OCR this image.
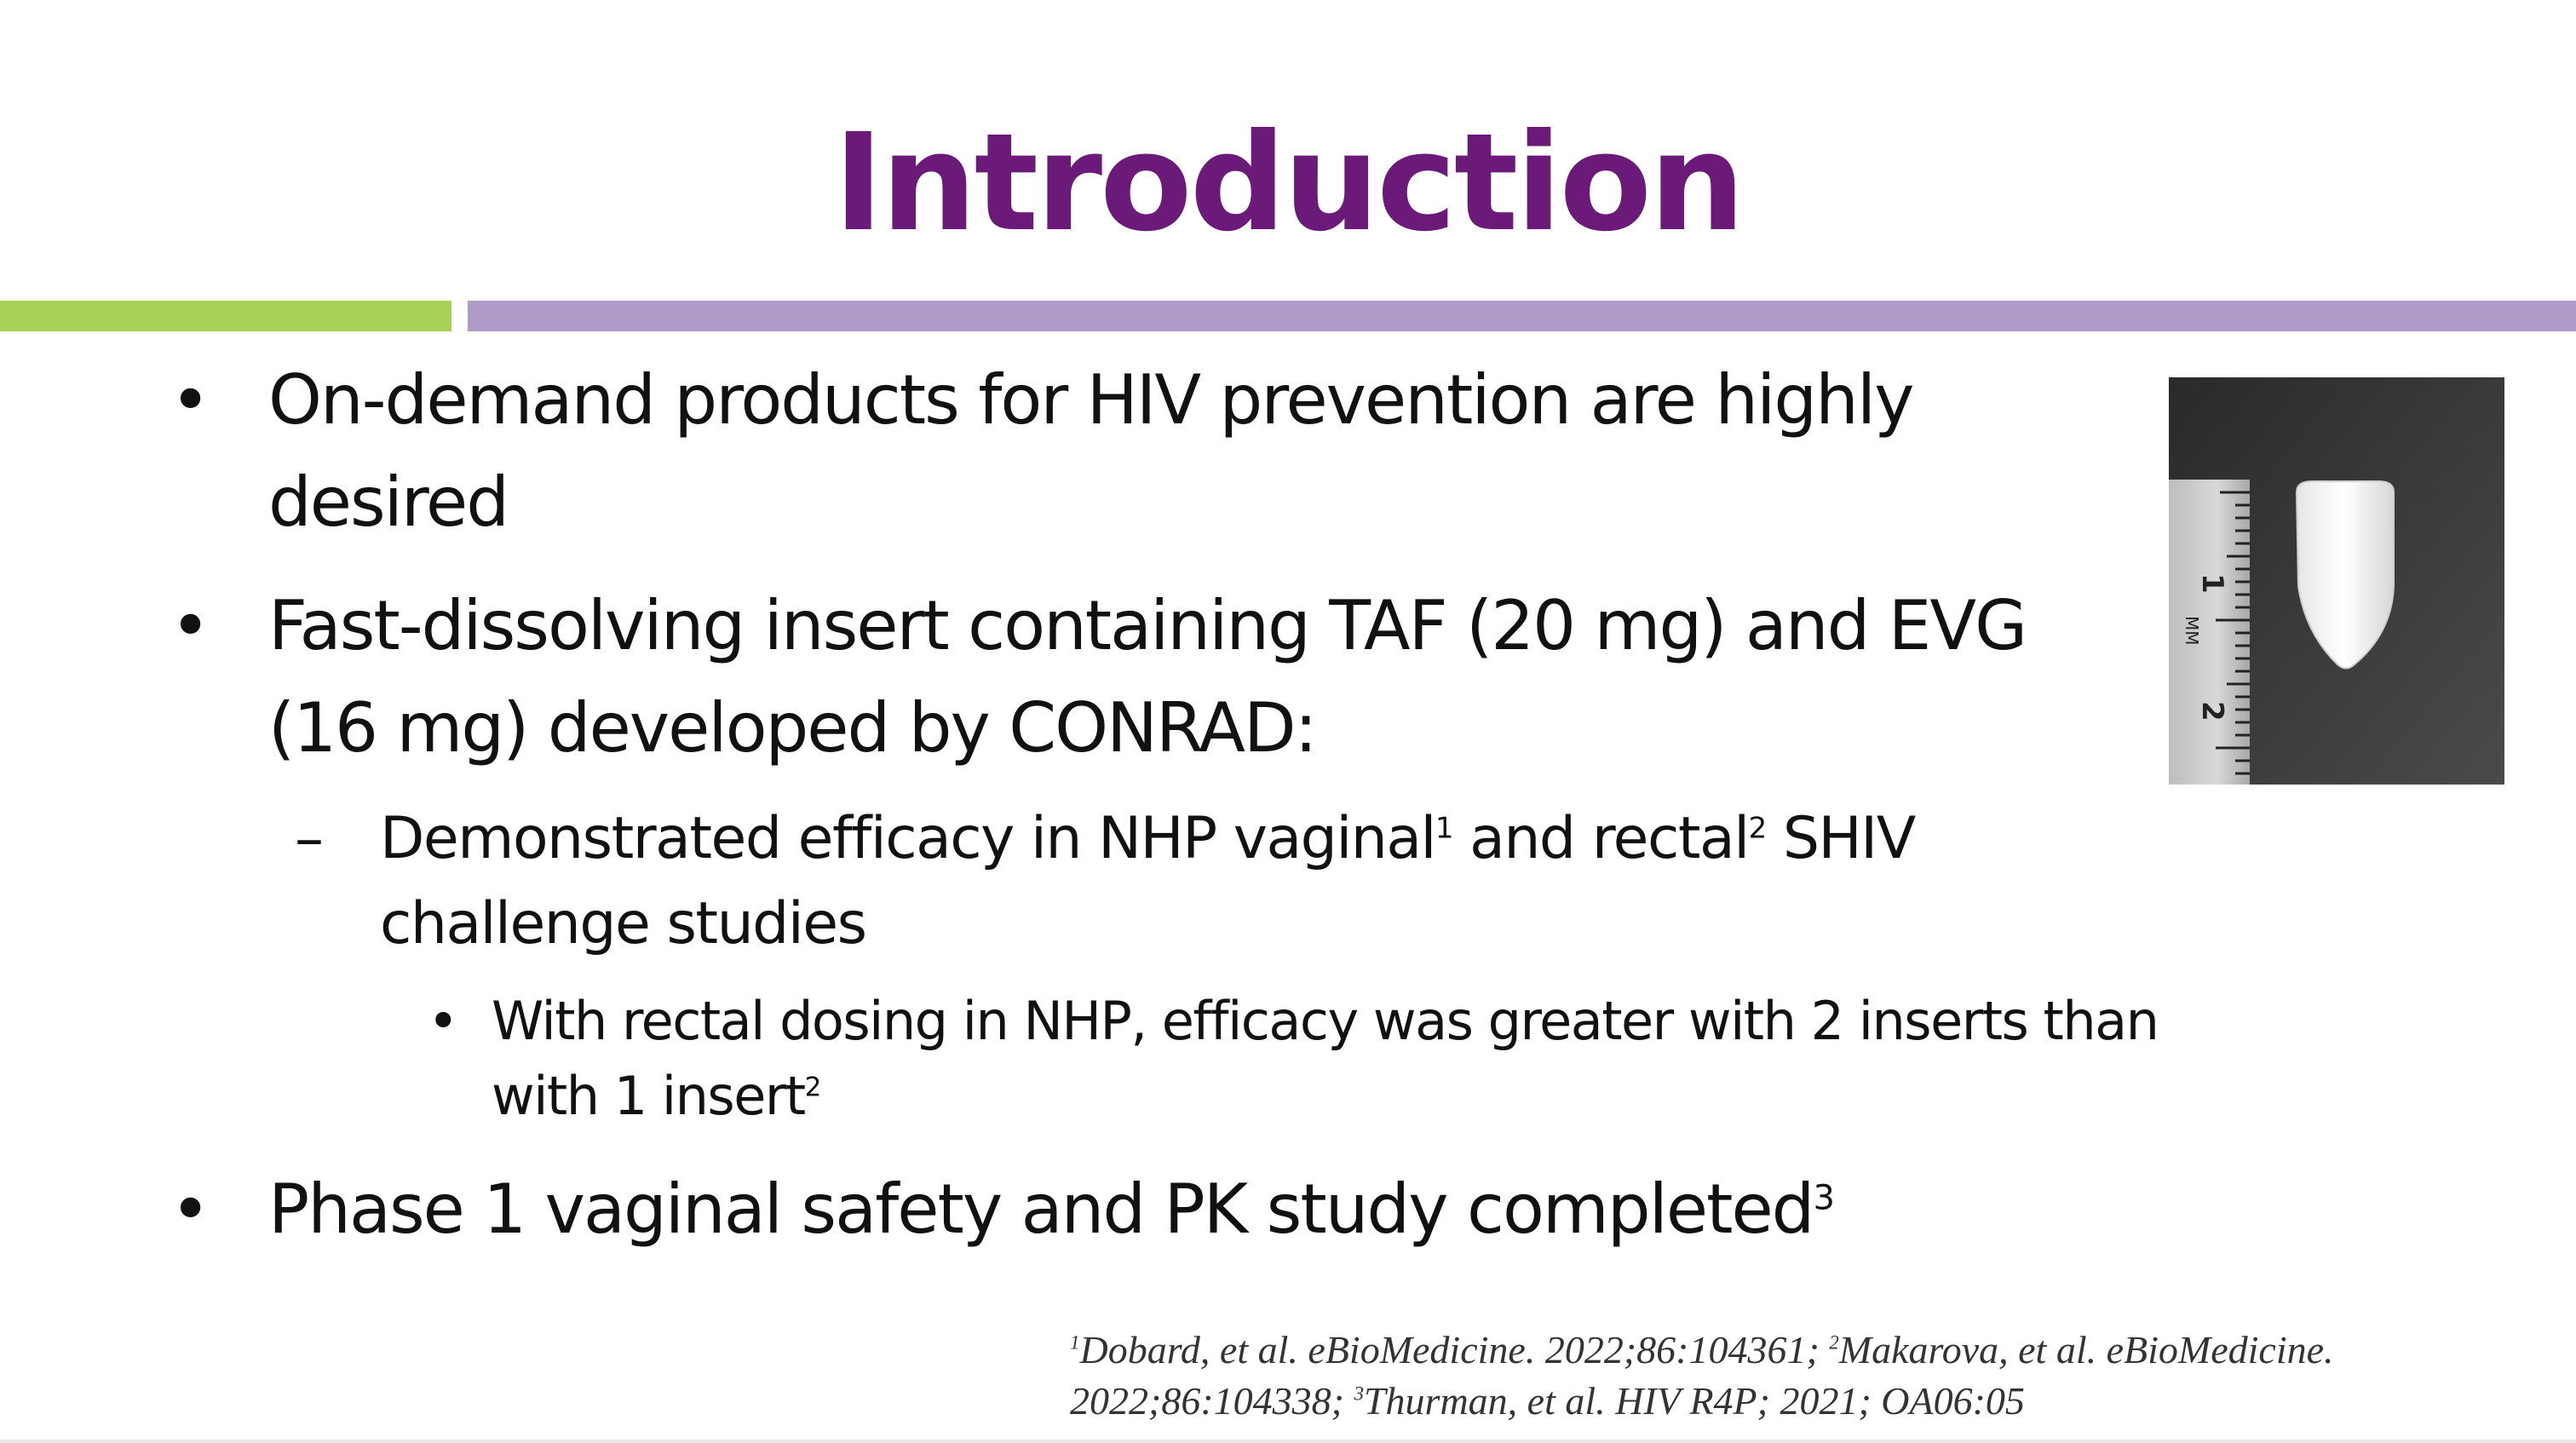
Introduction
• On-demand products for HIV prevention are highly desired
• Fast-dissolving insert containing TAF (20 mg) and EVG (16 mg) developed by CONRAD:
– Demonstrated efficacy in NHP vaginal$^1$ and rectal$^2$ SHIV challenge studies
• With rectal dosing in NHP, efficacy was greater with 2 inserts than with 1 insert$^2$
• Phase 1 vaginal safety and PK study completed$^3$
1
MM
2
$^1$Dobard, et al. eBioMedicine. 2022;86:104361; $^2$Makarova, et al. eBioMedicine. 2022;86:104338; $^3$Thurman, et al. HIV R4P; 2021; OA06:05
